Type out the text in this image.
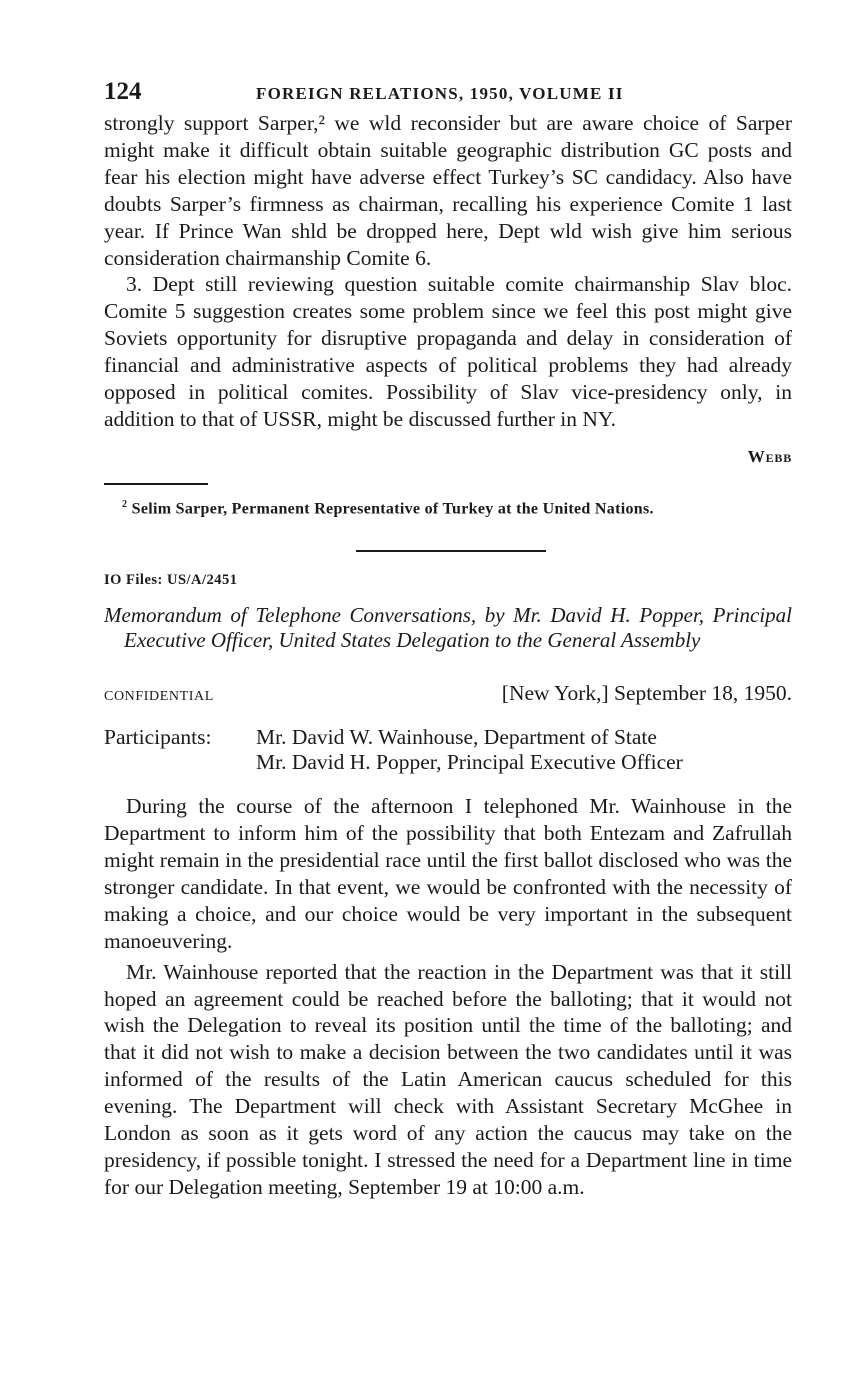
124	FOREIGN RELATIONS, 1950, VOLUME II

strongly support Sarper,² we wld reconsider but are aware choice of Sarper might make it difficult obtain suitable geographic distribution GC posts and fear his election might have adverse effect Turkey’s SC candidacy. Also have doubts Sarper’s firmness as chairman, recalling his experience Comite 1 last year. If Prince Wan shld be dropped here, Dept wld wish give him serious consideration chairmanship Comite 6.

3. Dept still reviewing question suitable comite chairmanship Slav bloc. Comite 5 suggestion creates some problem since we feel this post might give Soviets opportunity for disruptive propaganda and delay in consideration of financial and administrative aspects of political problems they had already opposed in political comites. Possibility of Slav vice-presidency only, in addition to that of USSR, might be discussed further in NY.

Webb
$^2$ Selim Sarper, Permanent Representative of Turkey at the United Nations.
IO Files: US/A/2451
Memorandum of Telephone Conversations, by Mr. David H. Popper, Principal Executive Officer, United States Delegation to the General Assembly
CONFIDENTIAL	[New York,] September 18, 1950.
Participants:	Mr. David W. Wainhouse, Department of State
Mr. David H. Popper, Principal Executive Officer

During the course of the afternoon I telephoned Mr. Wainhouse in the Department to inform him of the possibility that both Entezam and Zafrullah might remain in the presidential race until the first ballot disclosed who was the stronger candidate. In that event, we would be confronted with the necessity of making a choice, and our choice would be very important in the subsequent manoeuvering.

Mr. Wainhouse reported that the reaction in the Department was that it still hoped an agreement could be reached before the balloting; that it would not wish the Delegation to reveal its position until the time of the balloting; and that it did not wish to make a decision between the two candidates until it was informed of the results of the Latin American caucus scheduled for this evening. The Department will check with Assistant Secretary McGhee in London as soon as it gets word of any action the caucus may take on the presidency, if possible tonight. I stressed the need for a Department line in time for our Delegation meeting, September 19 at 10:00 a.m.
